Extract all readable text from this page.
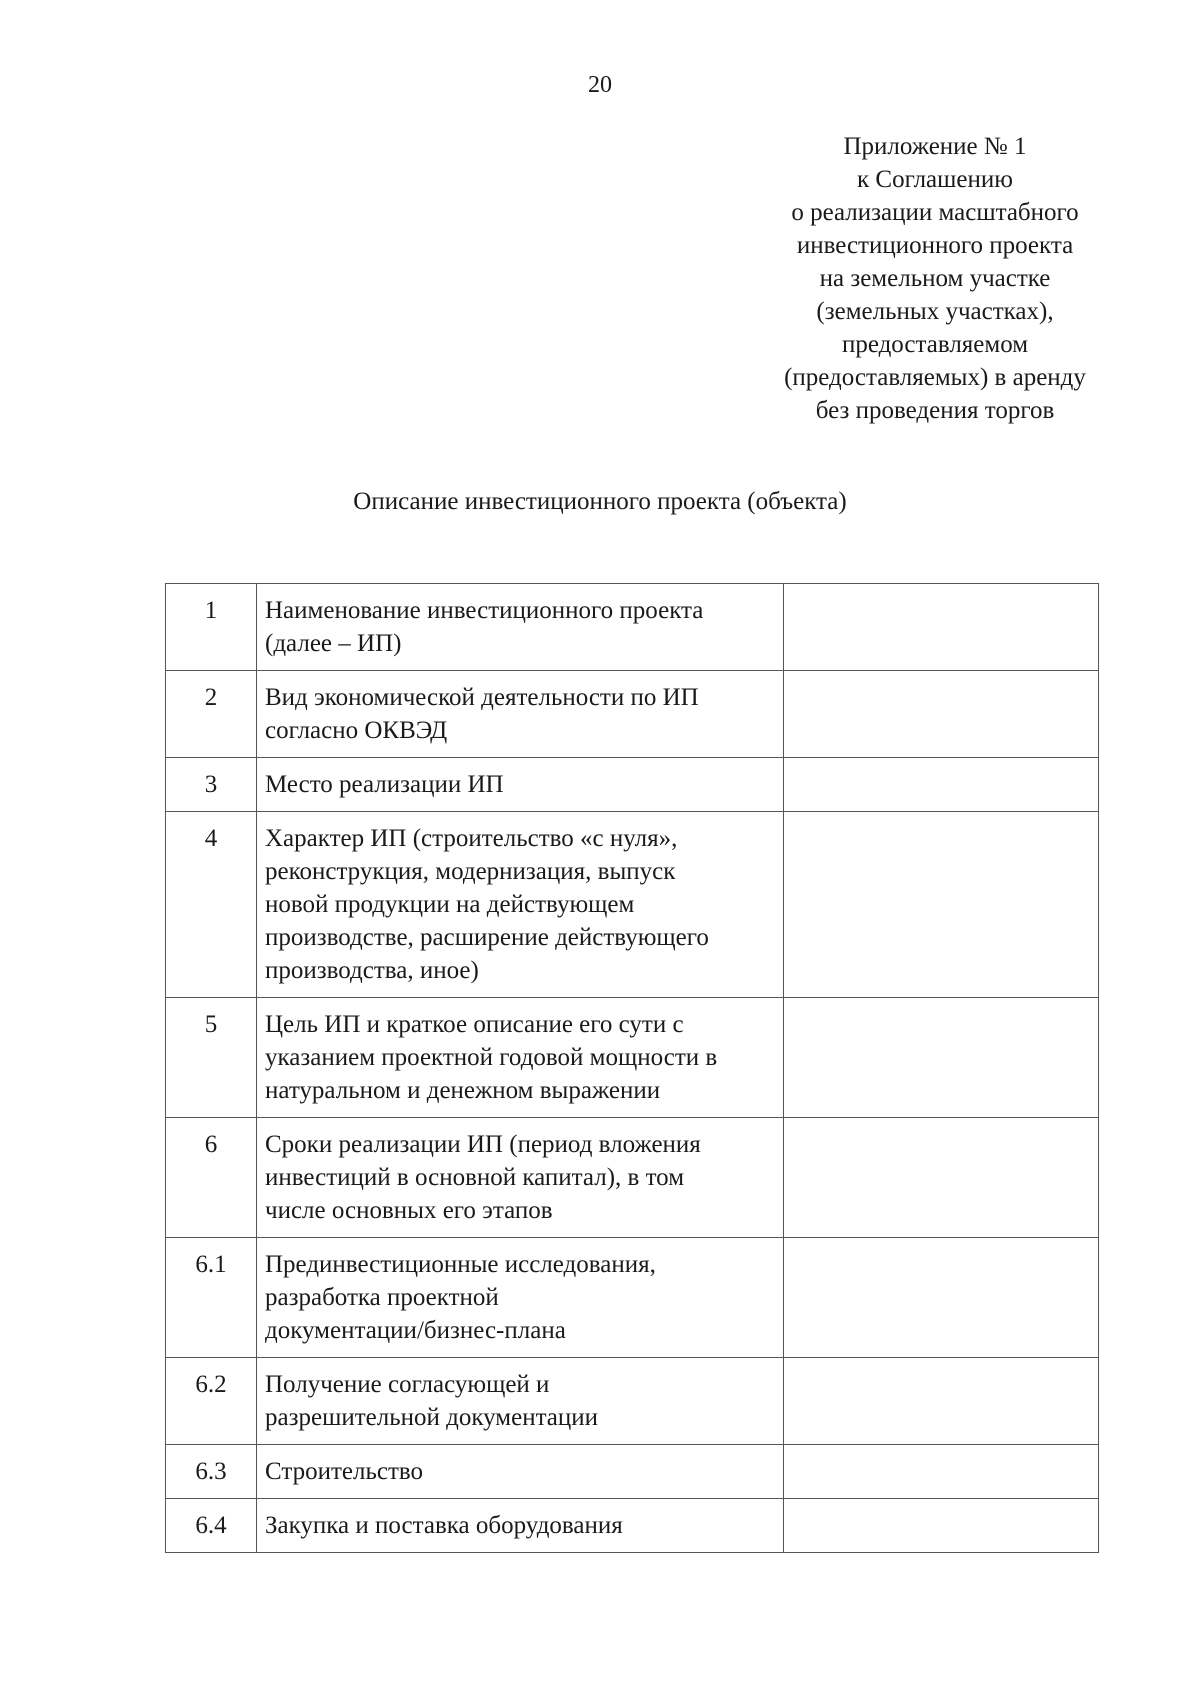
20
Приложение № 1
к Соглашению
о реализации масштабного
инвестиционного проекта
на земельном участке
(земельных участках),
предоставляемом
(предоставляемых) в аренду
без проведения торгов
Описание инвестиционного проекта (объекта)
1	Наименование инвестиционного проекта
(далее – ИП)	

2	Вид экономической деятельности по ИП
согласно ОКВЭД	

3	Место реализации ИП	

4	Характер ИП (строительство «с нуля»,
реконструкция, модернизация, выпуск
новой продукции на действующем
производстве, расширение действующего
производства, иное)	

5	Цель ИП и краткое описание его сути с
указанием проектной годовой мощности в
натуральном и денежном выражении	

6	Сроки реализации ИП (период вложения
инвестиций в основной капитал), в том
числе основных его этапов	

6.1	Прединвестиционные исследования,
разработка проектной
документации/бизнес-плана	

6.2	Получение согласующей и
разрешительной документации	

6.3	Строительство	

6.4	Закупка и поставка оборудования	
